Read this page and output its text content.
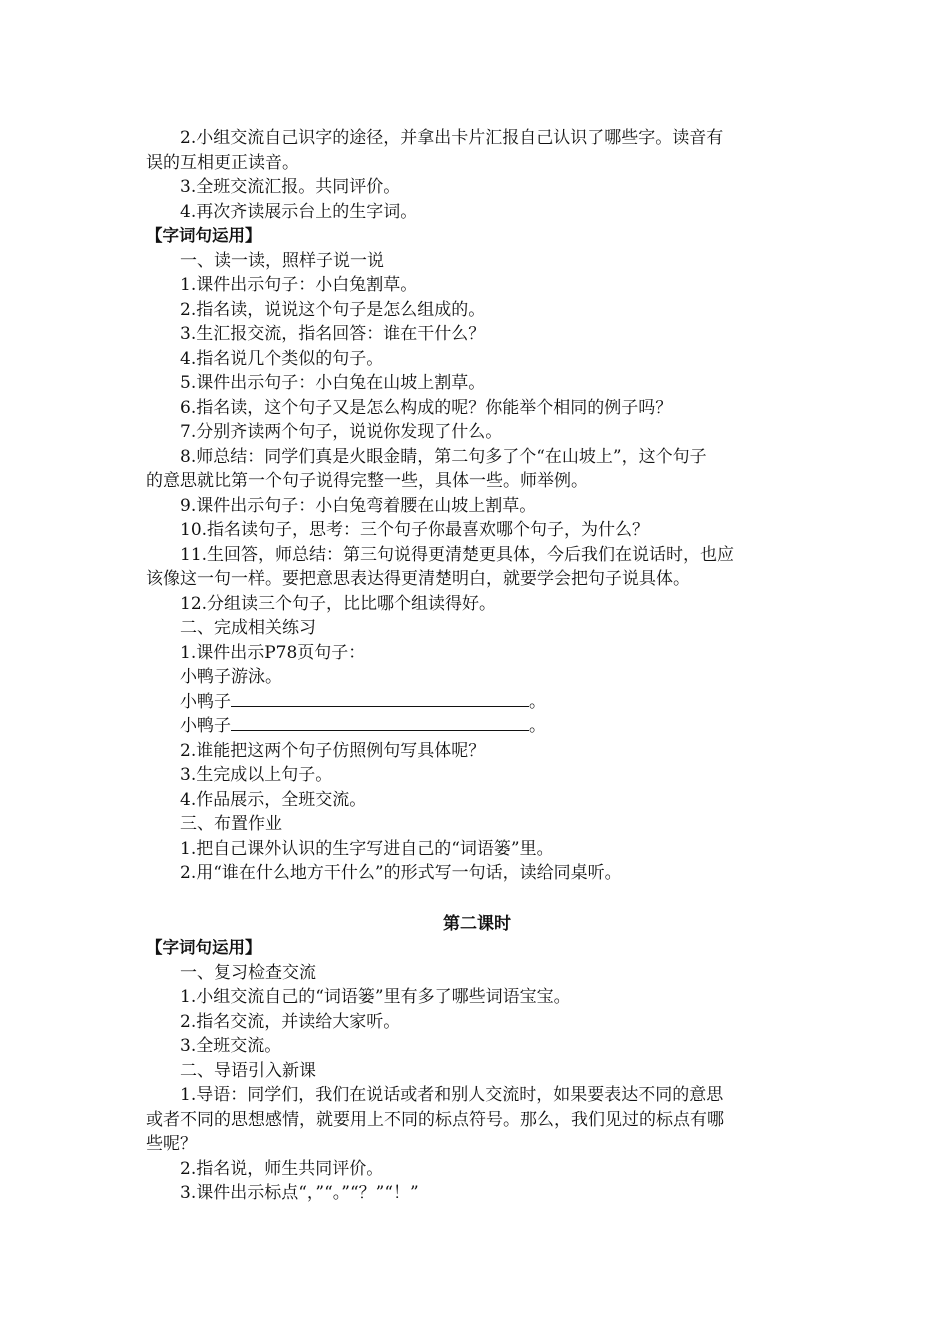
2.小组交流自己识字的途径，并拿出卡片汇报自己认识了哪些字。读音有
误的互相更正读音。
3.全班交流汇报。共同评价。
4.再次齐读展示台上的生字词。
【字词句运用】
一、读一读，照样子说一说
1.课件出示句子：小白兔割草。
2.指名读，说说这个句子是怎么组成的。
3.生汇报交流，指名回答：谁在干什么？
4.指名说几个类似的句子。
5.课件出示句子：小白兔在山坡上割草。
6.指名读，这个句子又是怎么构成的呢？你能举个相同的例子吗？
7.分别齐读两个句子，说说你发现了什么。
8.师总结：同学们真是火眼金睛，第二句多了个“在山坡上”，这个句子
的意思就比第一个句子说得完整一些，具体一些。师举例。
9.课件出示句子：小白兔弯着腰在山坡上割草。
10.指名读句子，思考：三个句子你最喜欢哪个句子，为什么？
11.生回答，师总结：第三句说得更清楚更具体，今后我们在说话时，也应
该像这一句一样。要把意思表达得更清楚明白，就要学会把句子说具体。
12.分组读三个句子，比比哪个组读得好。
二、完成相关练习
1.课件出示P78页句子：
小鸭子游泳。
小鸭子	。
小鸭子	。
2.谁能把这两个句子仿照例句写具体呢？
3.生完成以上句子。
4.作品展示，全班交流。
三、布置作业
1.把自己课外认识的生字写进自己的“词语篓”里。
2.用“谁在什么地方干什么”的形式写一句话，读给同桌听。
第二课时
【字词句运用】
一、复习检查交流
1.小组交流自己的“词语篓”里有多了哪些词语宝宝。
2.指名交流，并读给大家听。
3.全班交流。
二、导语引入新课
1.导语：同学们，我们在说话或者和别人交流时，如果要表达不同的意思
或者不同的思想感情，就要用上不同的标点符号。那么，我们见过的标点有哪
些呢？
2.指名说，师生共同评价。
3.课件出示标点“，”“。”“？”“！”
